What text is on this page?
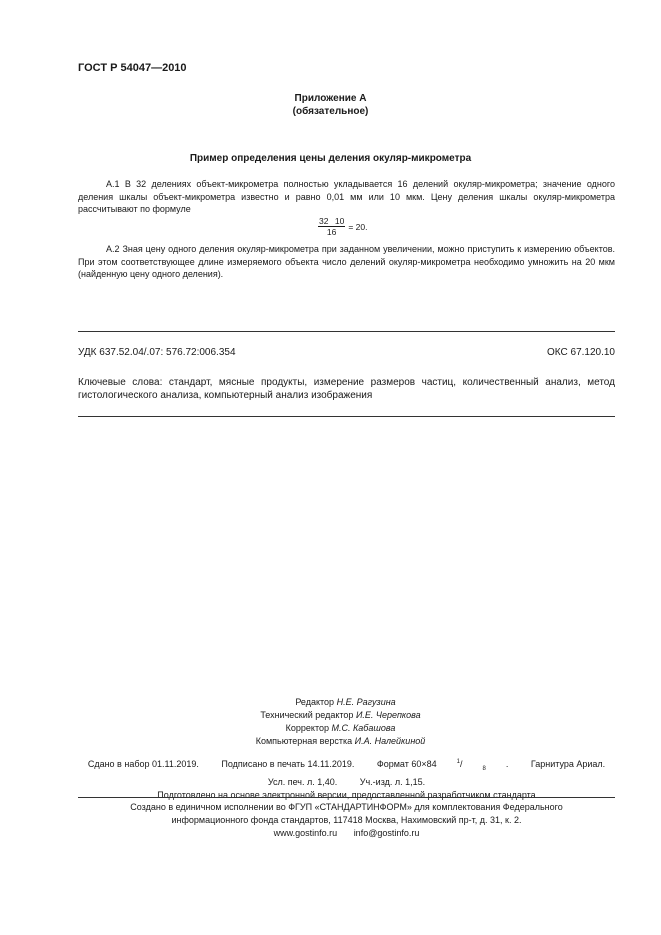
ГОСТ Р 54047—2010
Приложение А
(обязательное)
Пример определения цены деления окуляр-микрометра
А.1 В 32 делениях объект-микрометра полностью укладывается 16 делений окуляр-микрометра; значение одного деления шкалы объект-микрометра известно и равно 0,01 мм или 10 мкм. Цену деления шкалы окуляр-микрометра рассчитывают по формуле
$\frac{32 10}{16} = 20$.
А.2 Зная цену одного деления окуляр-микрометра при заданном увеличении, можно приступить к измерению объектов. При этом соответствующее длине измеряемого объекта число делений окуляр-микрометра необходимо умножить на 20 мкм (найденную цену одного деления).
УДК 637.52.04/.07: 576.72:006.354	ОКС 67.120.10
Ключевые слова: стандарт, мясные продукты, измерение размеров частиц, количественный анализ, метод гистологического анализа, компьютерный анализ изображения
Редактор Н.Е. Рагузина
Технический редактор И.Е. Черепкова
Корректор М.С. Кабашова
Компьютерная верстка И.А. Налейкиной
Сдано в набор 01.11.2019.	Подписано в печать 14.11.2019.	Формат 60×84	$^1$/	$_8$ .	Гарнитура Ариал.
Усл. печ. л. 1,40.	Уч.-изд. л. 1,15.
Подготовлено на основе электронной версии, предоставленной разработчиком стандарта
Создано в единичном исполнении во ФГУП «СТАНДАРТИНФОРМ» для комплектования Федерального
информационного фонда стандартов, 117418 Москва, Нахимовский пр-т, д. 31, к. 2.
www.gostinfo.ru info@gostinfo.ru
